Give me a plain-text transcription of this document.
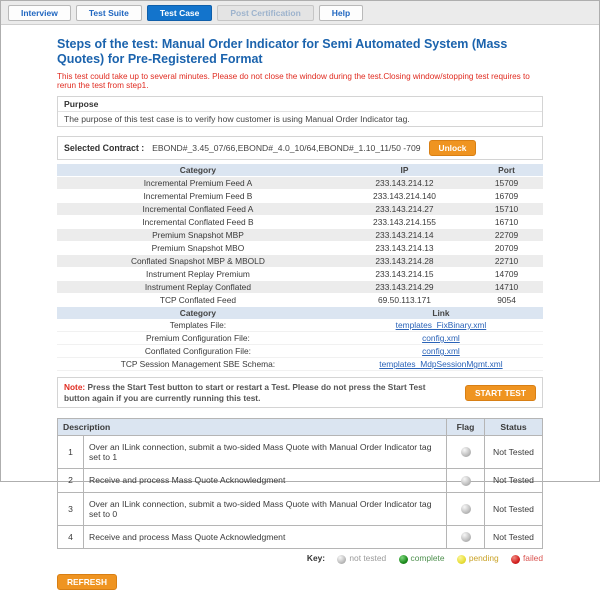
Interview	Test Suite	Test Case	Post Certification	Help
Steps of the test: Manual Order Indicator for Semi Automated System (Mass Quotes) for Pre-Registered Format
This test could take up to several minutes. Please do not close the window during the test.Closing window/stopping test requires to rerun the test from step1.
Purpose
The purpose of this test case is to verify how customer is using Manual Order Indicator tag.
Selected Contract : EBOND#_3.45_07/66,EBOND#_4.0_10/64,EBOND#_1.10_11/50 -709	Unlock
Category	IP	Port
Incremental Premium Feed A	233.143.214.12	15709
Incremental Premium Feed B	233.143.214.140	16709
Incremental Conflated Feed A	233.143.214.27	15710
Incremental Conflated Feed B	233.143.214.155	16710
Premium Snapshot MBP	233.143.214.14	22709
Premium Snapshot MBO	233.143.214.13	20709
Conflated Snapshot MBP & MBOLD	233.143.214.28	22710
Instrument Replay Premium	233.143.214.15	14709
Instrument Replay Conflated	233.143.214.29	14710
TCP Conflated Feed	69.50.113.171	9054
Category	Link
Templates File:	templates_FixBinary.xml
Premium Configuration File:	config.xml
Conflated Configuration File:	config.xml
TCP Session Management SBE Schema:	templates_MdpSessionMgmt.xml
Note: Press the Start Test button to start or restart a Test. Please do not press the Start Test button again if you are currently running this test.	START TEST
Description		Flag	Status
1	Over an ILink connection, submit a two-sided Mass Quote with Manual Order Indicator tag set to 1		Not Tested
2	Receive and process Mass Quote Acknowledgment		Not Tested
3	Over an ILink connection, submit a two-sided Mass Quote with Manual Order Indicator tag set to 0		Not Tested
4	Receive and process Mass Quote Acknowledgment		Not Tested
Key:	not tested	complete	pending	failed
REFRESH
